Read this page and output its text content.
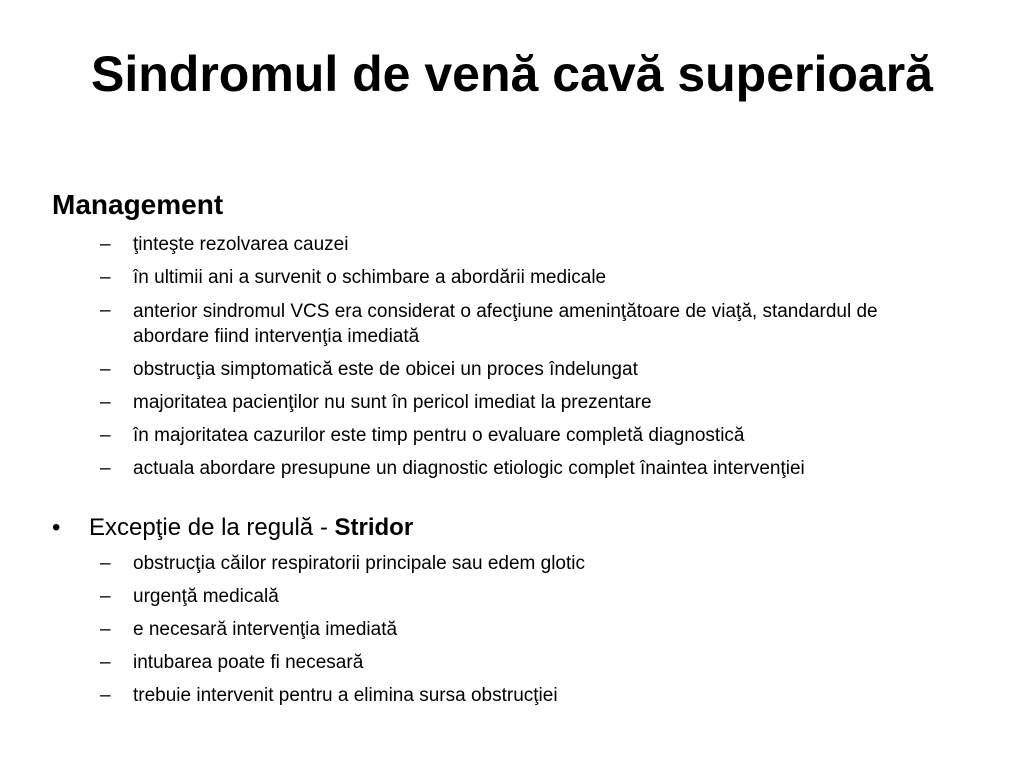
Sindromul de venă cavă superioară
Management
– ţinteşte rezolvarea cauzei
– în ultimii ani a survenit o schimbare a abordării medicale
– anterior sindromul VCS era considerat o afecţiune ameninţătoare de viaţă, standardul de abordare fiind intervenţia imediată
– obstrucţia simptomatică este de obicei un proces îndelungat
– majoritatea pacienţilor nu sunt în pericol imediat la prezentare
– în majoritatea cazurilor este timp pentru o evaluare completă diagnostică
– actuala abordare presupune un diagnostic etiologic complet înaintea intervenţiei
• Excepţie de la regulă - Stridor
– obstrucţia căilor respiratorii principale sau edem glotic
– urgenţă medicală
– e necesară intervenţia imediată
– intubarea poate fi necesară
– trebuie intervenit pentru a elimina sursa obstrucţiei
